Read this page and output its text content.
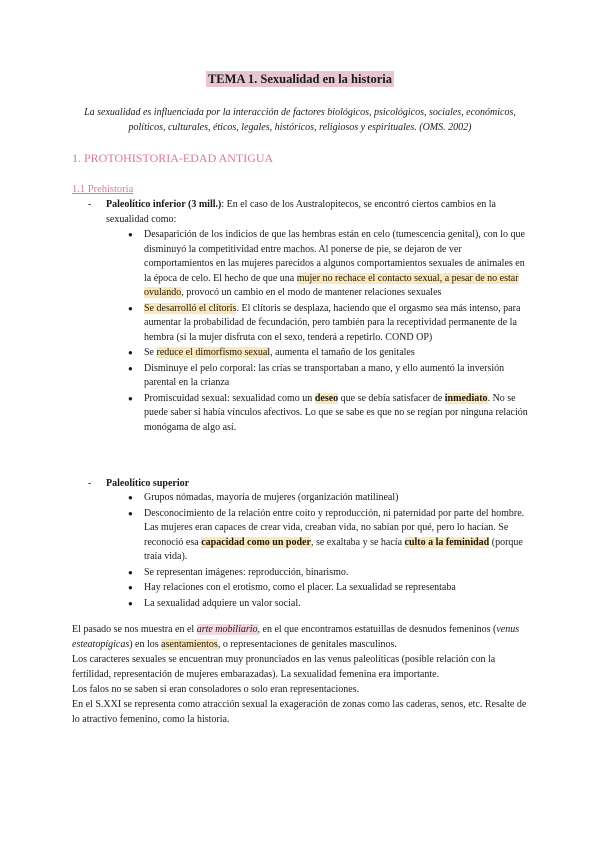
TEMA 1. Sexualidad en la historia
La sexualidad es influenciada por la interacción de factores biológicos, psicológicos, sociales, económicos, políticos, culturales, éticos, legales, históricos, religiosos y espirituales. (OMS. 2002)
1. PROTOHISTORIA-EDAD ANTIGUA
1.1 Prehistoria
- Paleolítico inferior (3 mill.): En el caso de los Australopitecos, se encontró ciertos cambios en la sexualidad como:
● Desaparición de los indicios de que las hembras están en celo (tumescencia genital), con lo que disminuyó la competitividad entre machos. Al ponerse de pie, se dejaron de ver comportamientos en las mujeres parecidos a algunos comportamientos sexuales de animales en la época de celo. El hecho de que una mujer no rechace el contacto sexual, a pesar de no estar ovulando, provocó un cambio en el modo de mantener relaciones sexuales
● Se desarrolló el clítoris. El clítoris se desplaza, haciendo que el orgasmo sea más intenso, para aumentar la probabilidad de fecundación, pero también para la receptividad permanente de la hembra (si la mujer disfruta con el sexo, tenderá a repetirlo. COND OP)
● Se reduce el dimorfismo sexual, aumenta el tamaño de los genitales
● Disminuye el pelo corporal: las crías se transportaban a mano, y ello aumentó la inversión parental en la crianza
● Promiscuidad sexual: sexualidad como un deseo que se debía satisfacer de inmediato. No se puede saber si había vínculos afectivos. Lo que se sabe es que no se regían por ninguna relación monógama de algo así.
- Paleolítico superior
● Grupos nómadas, mayoría de mujeres (organización matilineal)
● Desconocimiento de la relación entre coito y reproducción, ni paternidad por parte del hombre. Las mujeres eran capaces de crear vida, creaban vida, no sabían por qué, pero lo hacían. Se reconoció esa capacidad como un poder, se exaltaba y se hacía culto a la feminidad (porque traía vida).
● Se representan imágenes: reproducción, binarismo.
● Hay relaciones con el erotismo, como el placer. La sexualidad se representaba
● La sexualidad adquiere un valor social.

El pasado se nos muestra en el arte mobiliario, en el que encontramos estatuillas de desnudos femeninos (venus esteatopígicas) en los asentamientos, o representaciones de genitales masculinos.

Los caracteres sexuales se encuentran muy pronunciados en las venus paleolíticas (posible relación con la fertilidad, representación de mujeres embarazadas). La sexualidad femenina era importante.

Los falos no se saben si eran consoladores o solo eran representaciones.

En el S.XXI se representa como atracción sexual la exageración de zonas como las caderas, senos, etc. Resalte de lo atractivo femenino, como la historia.
